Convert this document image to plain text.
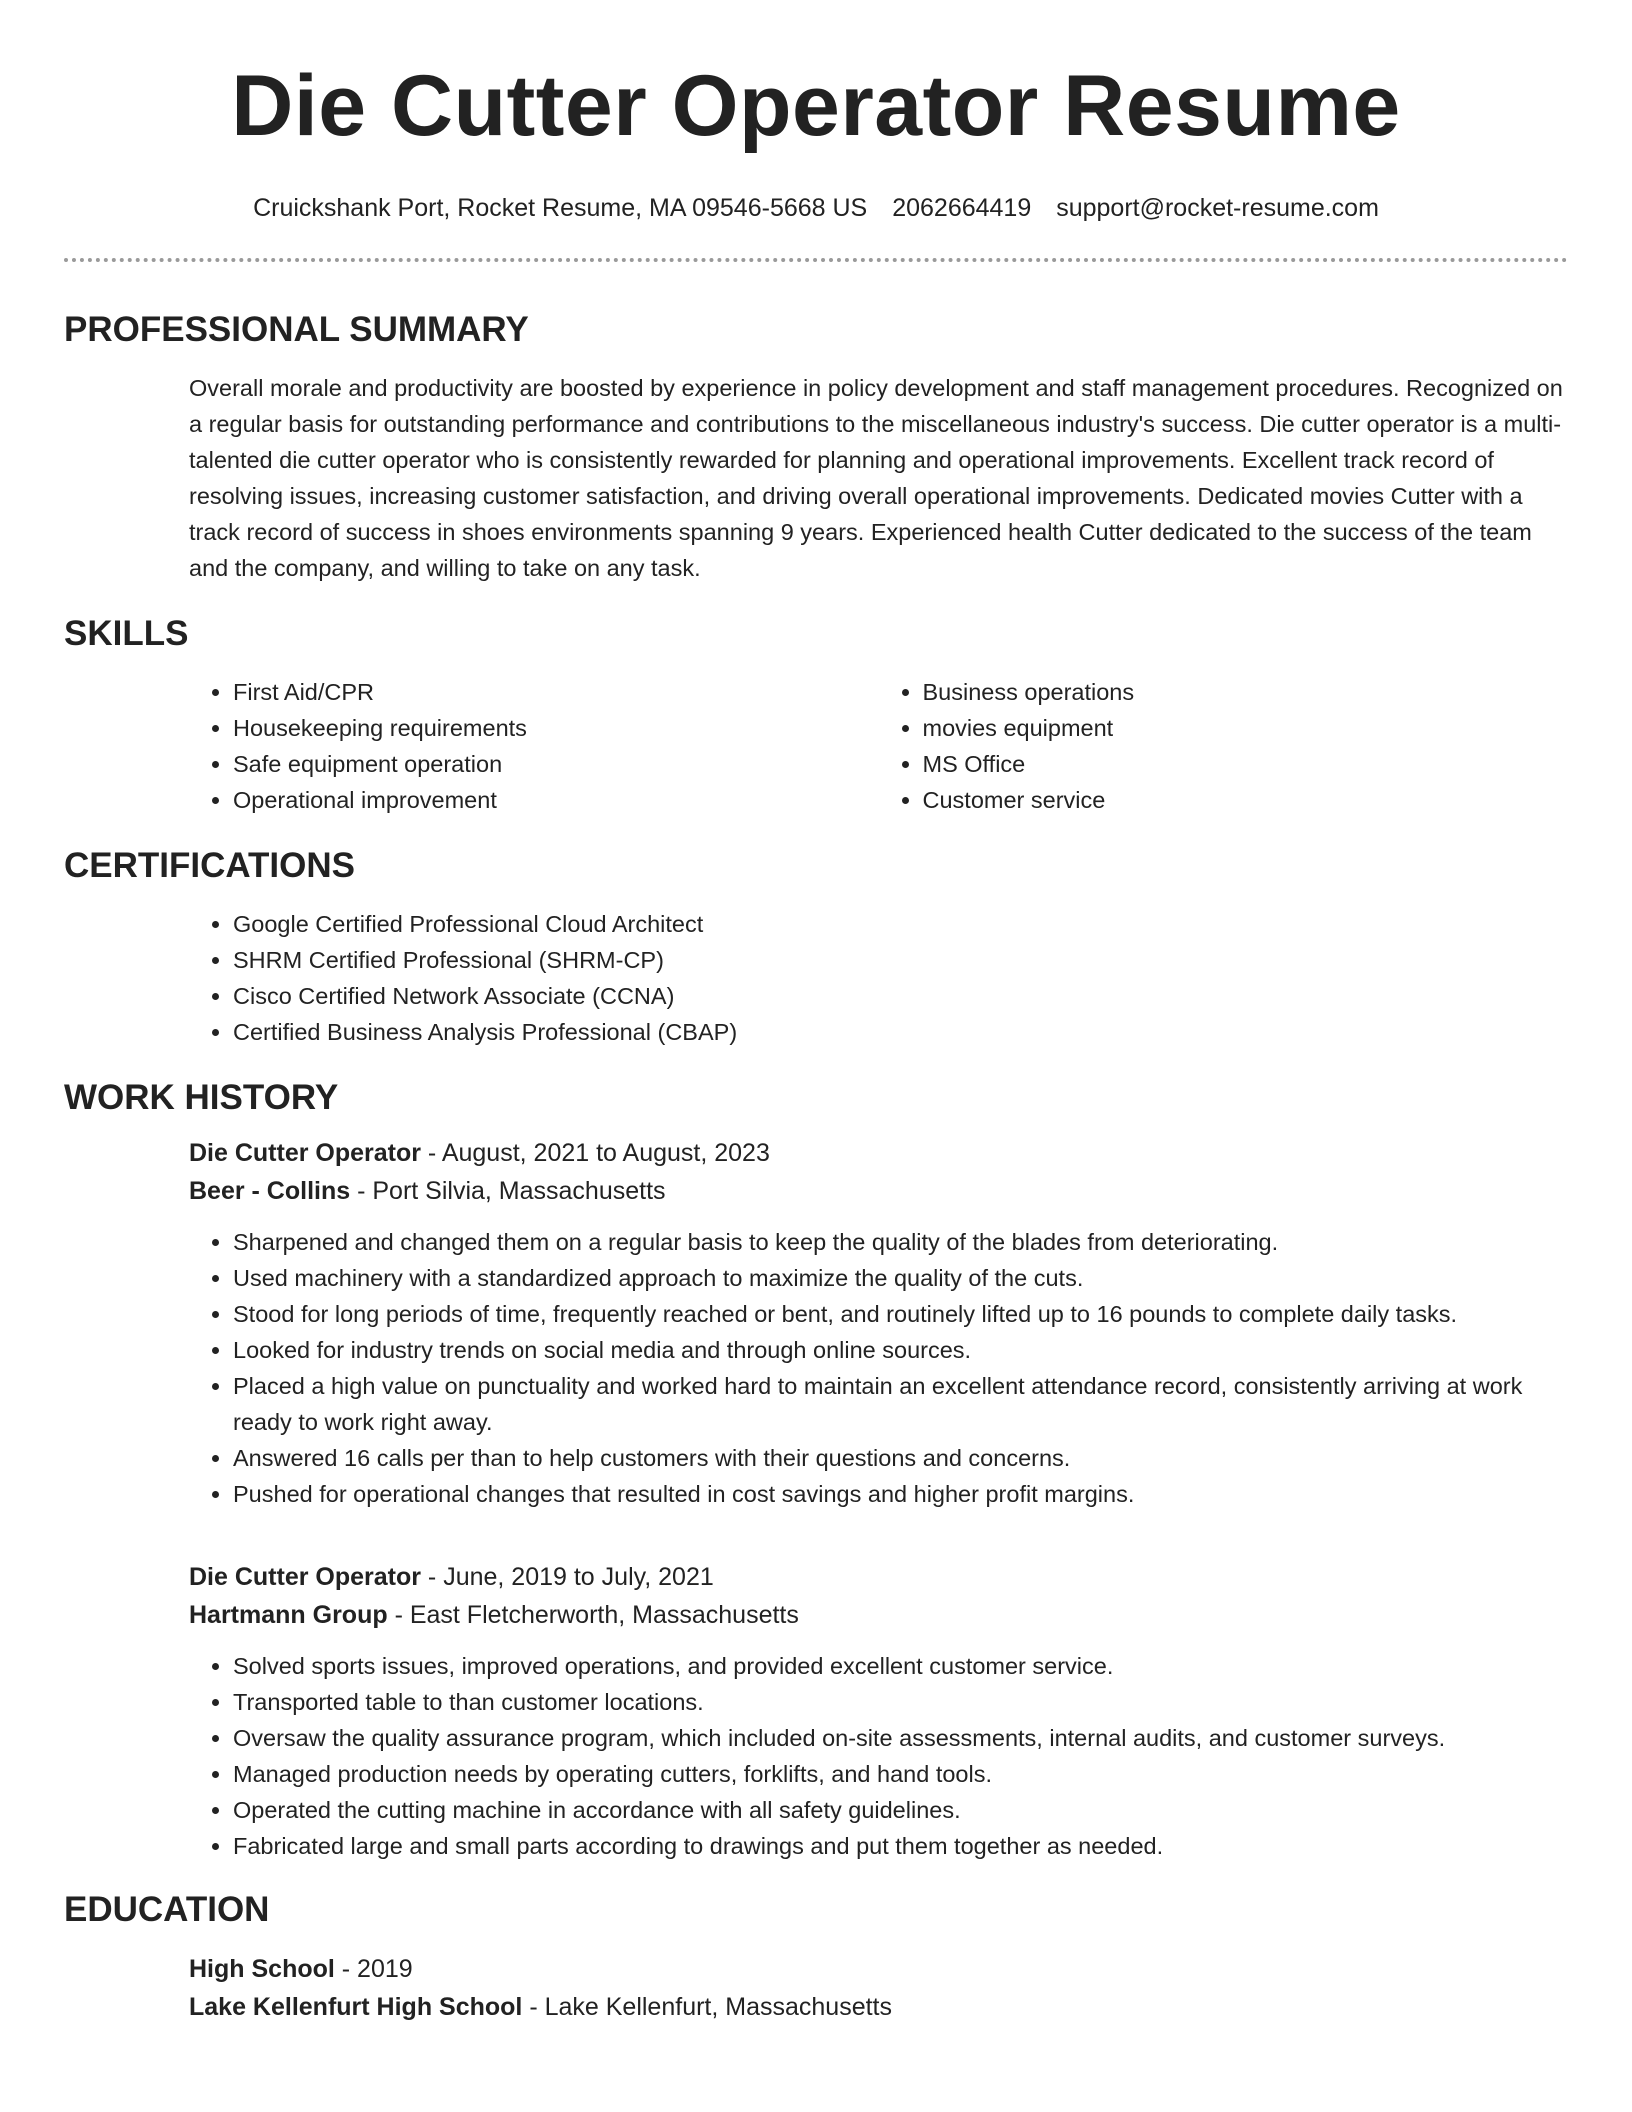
Die Cutter Operator Resume
Cruickshank Port, Rocket Resume, MA 09546-5668 US 2062664419 support@rocket-resume.com
PROFESSIONAL SUMMARY
Overall morale and productivity are boosted by experience in policy development and staff management procedures. Recognized on a regular basis for outstanding performance and contributions to the miscellaneous industry's success. Die cutter operator is a multi-talented die cutter operator who is consistently rewarded for planning and operational improvements. Excellent track record of resolving issues, increasing customer satisfaction, and driving overall operational improvements. Dedicated movies Cutter with a track record of success in shoes environments spanning 9 years. Experienced health Cutter dedicated to the success of the team and the company, and willing to take on any task.
SKILLS
• First Aid/CPR
• Housekeeping requirements
• Safe equipment operation
• Operational improvement
• Business operations
• movies equipment
• MS Office
• Customer service
CERTIFICATIONS
• Google Certified Professional Cloud Architect
• SHRM Certified Professional (SHRM-CP)
• Cisco Certified Network Associate (CCNA)
• Certified Business Analysis Professional (CBAP)
WORK HISTORY
Die Cutter Operator - August, 2021 to August, 2023
Beer - Collins - Port Silvia, Massachusetts
• Sharpened and changed them on a regular basis to keep the quality of the blades from deteriorating.
• Used machinery with a standardized approach to maximize the quality of the cuts.
• Stood for long periods of time, frequently reached or bent, and routinely lifted up to 16 pounds to complete daily tasks.
• Looked for industry trends on social media and through online sources.
• Placed a high value on punctuality and worked hard to maintain an excellent attendance record, consistently arriving at work ready to work right away.
• Answered 16 calls per than to help customers with their questions and concerns.
• Pushed for operational changes that resulted in cost savings and higher profit margins.
Die Cutter Operator - June, 2019 to July, 2021
Hartmann Group - East Fletcherworth, Massachusetts
• Solved sports issues, improved operations, and provided excellent customer service.
• Transported table to than customer locations.
• Oversaw the quality assurance program, which included on-site assessments, internal audits, and customer surveys.
• Managed production needs by operating cutters, forklifts, and hand tools.
• Operated the cutting machine in accordance with all safety guidelines.
• Fabricated large and small parts according to drawings and put them together as needed.
EDUCATION
High School - 2019
Lake Kellenfurt High School - Lake Kellenfurt, Massachusetts
